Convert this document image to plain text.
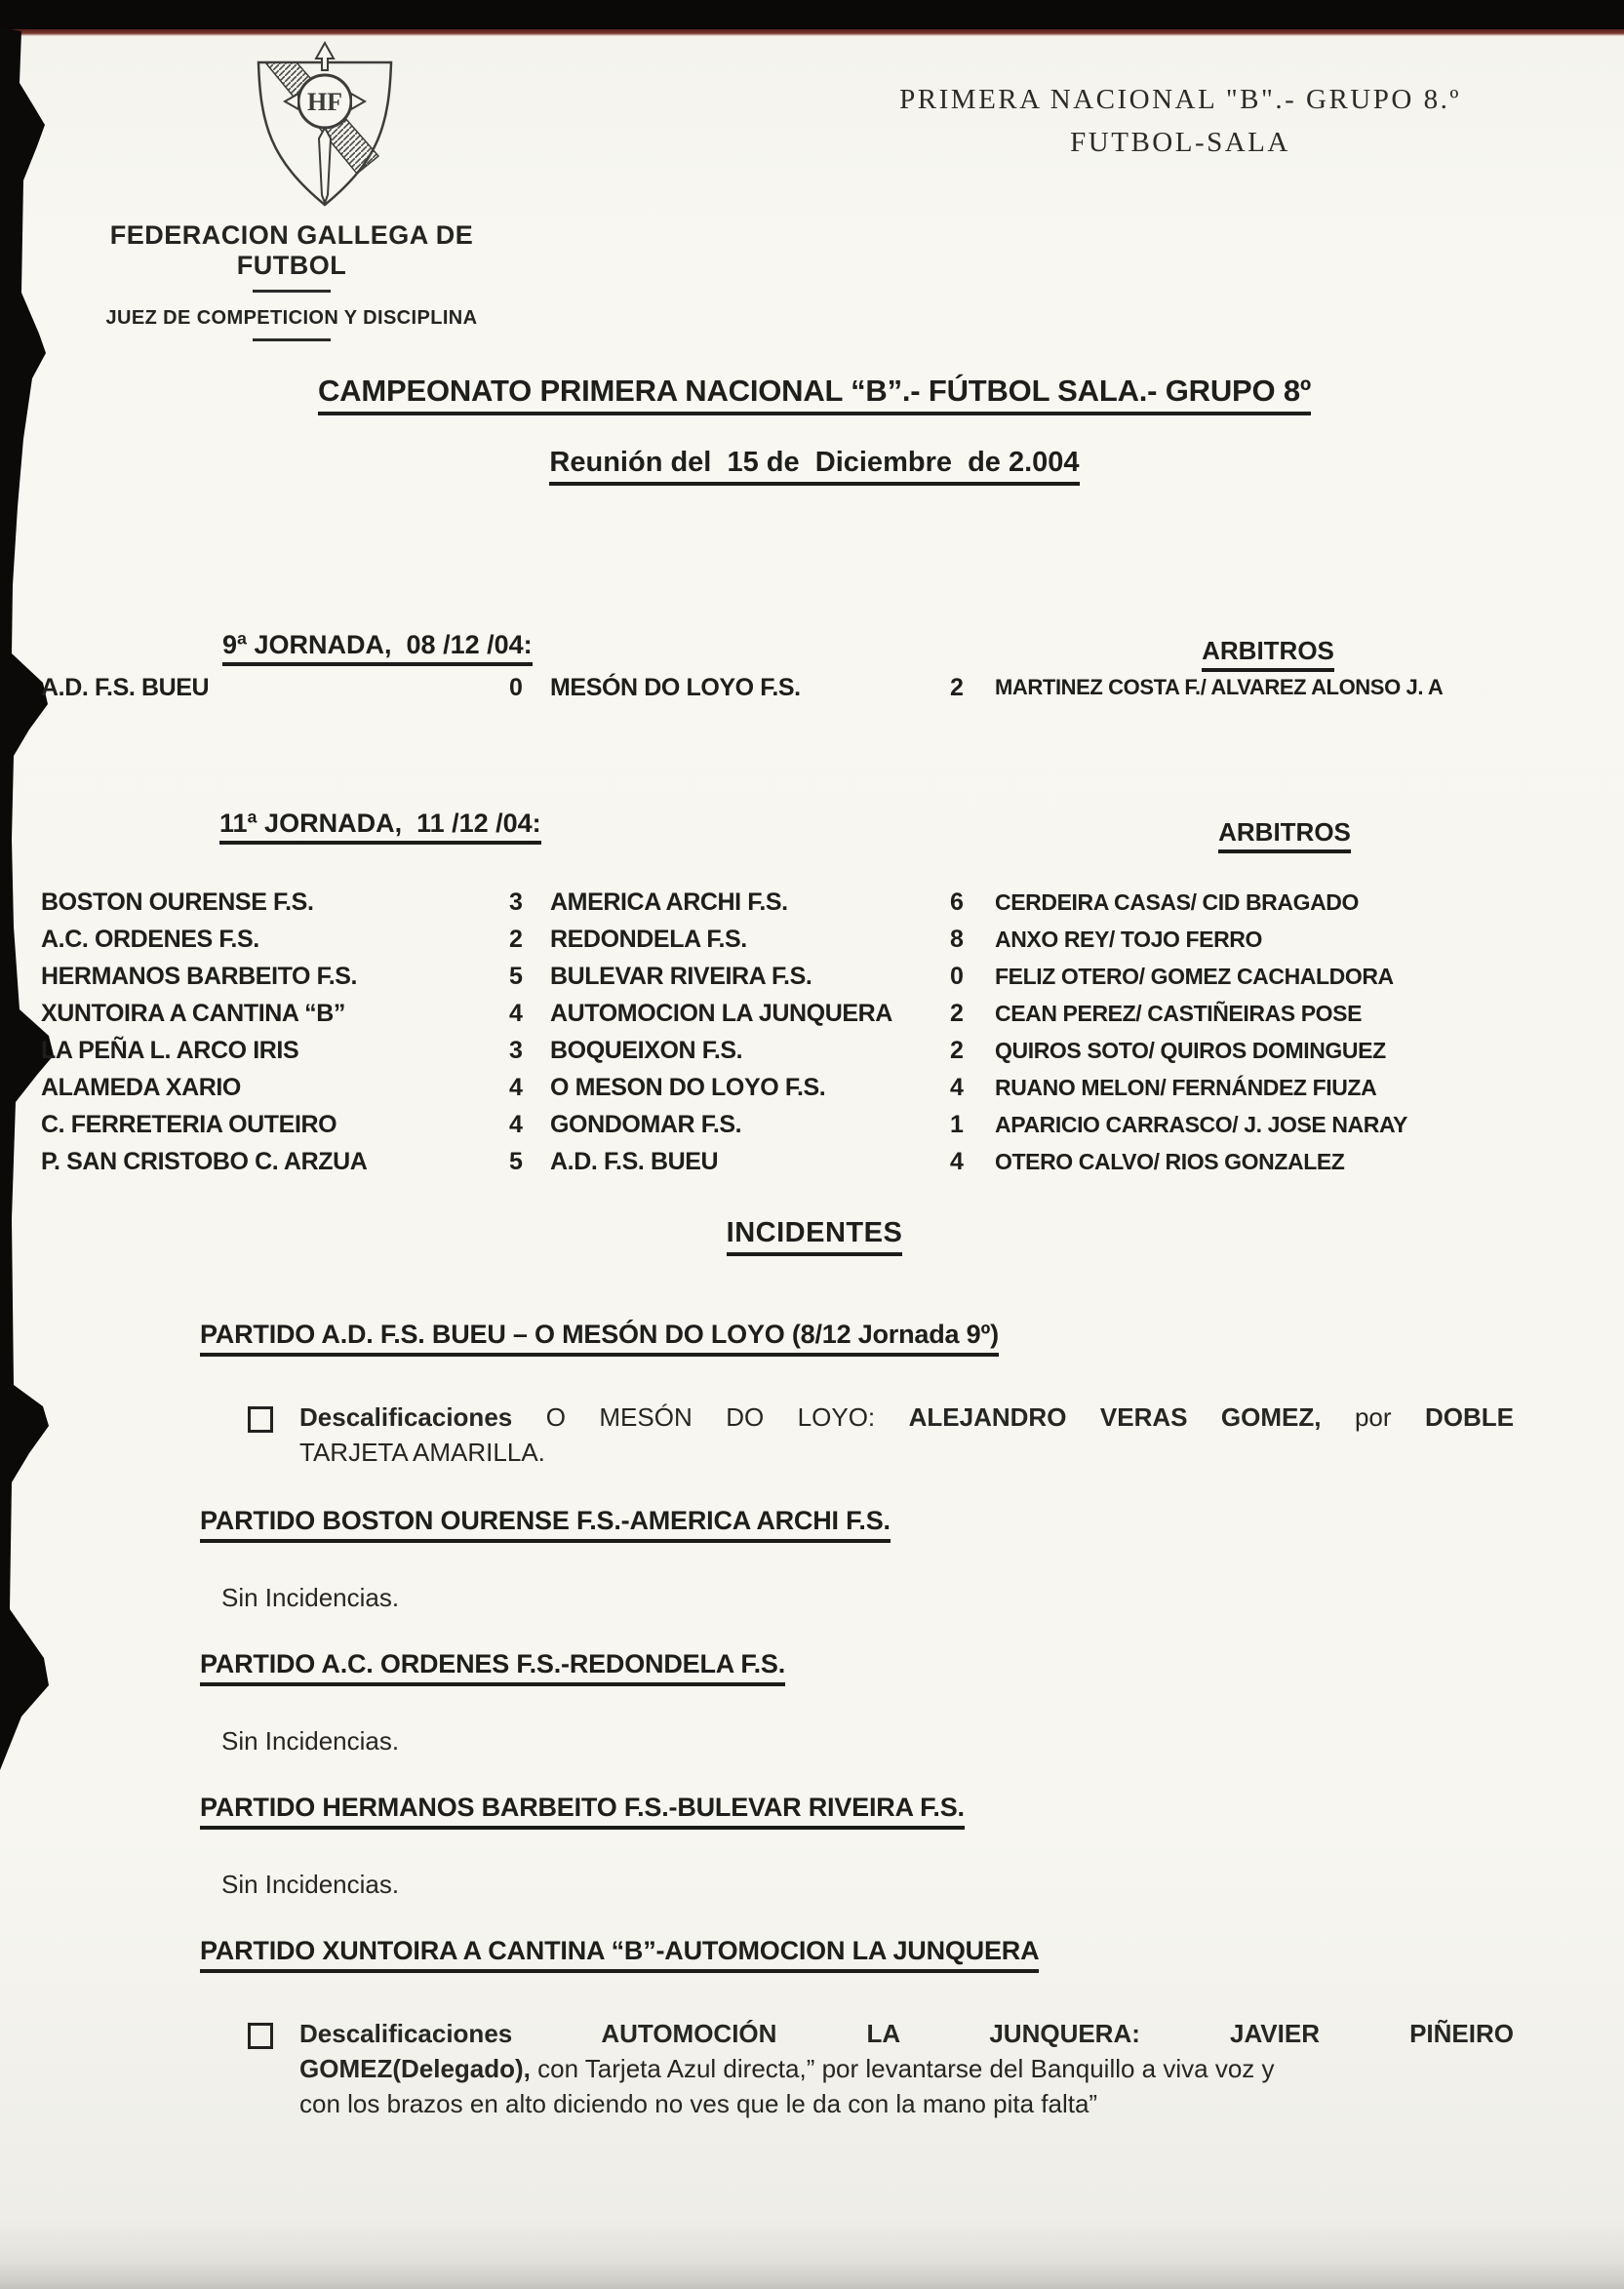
HF
FEDERACION GALLEGA DE FUTBOL
JUEZ DE COMPETICION Y DISCIPLINA
PRIMERA NACIONAL "B".- GRUPO 8.º
FUTBOL-SALA
CAMPEONATO PRIMERA NACIONAL “B”.- FÚTBOL SALA.- GRUPO 8º
Reunión del  15 de  Diciembre  de 2.004

9ª JORNADA,  08 /12 /04:
	ARBITROS
A.D. F.S. BUEU	0	MESÓN DO LOYO F.S.	2	MARTINEZ COSTA F./ ALVAREZ ALONSO J. A

11ª JORNADA,  11 /12 /04:
	ARBITROS
BOSTON OURENSE F.S.	3	AMERICA ARCHI F.S.	6	CERDEIRA CASAS/ CID BRAGADO
A.C. ORDENES F.S.	2	REDONDELA F.S.	8	ANXO REY/ TOJO FERRO
HERMANOS BARBEITO F.S.	5	BULEVAR RIVEIRA F.S.	0	FELIZ OTERO/ GOMEZ CACHALDORA
XUNTOIRA A CANTINA “B”	4	AUTOMOCION LA JUNQUERA	2	CEAN PEREZ/ CASTIÑEIRAS POSE
LA PEÑA L. ARCO IRIS	3	BOQUEIXON F.S.	2	QUIROS SOTO/ QUIROS DOMINGUEZ
ALAMEDA XARIO	4	O MESON DO LOYO F.S.	4	RUANO MELON/ FERNÁNDEZ FIUZA
C. FERRETERIA OUTEIRO	4	GONDOMAR F.S.	1	APARICIO CARRASCO/ J. JOSE NARAY
P. SAN CRISTOBO C. ARZUA	5	A.D. F.S. BUEU	4	OTERO CALVO/ RIOS GONZALEZ
INCIDENTES
PARTIDO A.D. F.S. BUEU – O MESÓN DO LOYO (8/12 Jornada 9º)
Descalificaciones O MESÓN DO LOYO: ALEJANDRO VERAS GOMEZ, por DOBLE
TARJETA AMARILLA.
PARTIDO BOSTON OURENSE F.S.-AMERICA ARCHI F.S.
Sin Incidencias.
PARTIDO A.C. ORDENES F.S.-REDONDELA F.S.
Sin Incidencias.
PARTIDO HERMANOS BARBEITO F.S.-BULEVAR RIVEIRA F.S.
Sin Incidencias.
PARTIDO XUNTOIRA A CANTINA “B”-AUTOMOCION LA JUNQUERA
Descalificaciones AUTOMOCIÓN LA JUNQUERA: JAVIER PIÑEIRO
GOMEZ(Delegado), con Tarjeta Azul directa,” por levantarse del Banquillo a viva voz y
con los brazos en alto diciendo no ves que le da con la mano pita falta”
